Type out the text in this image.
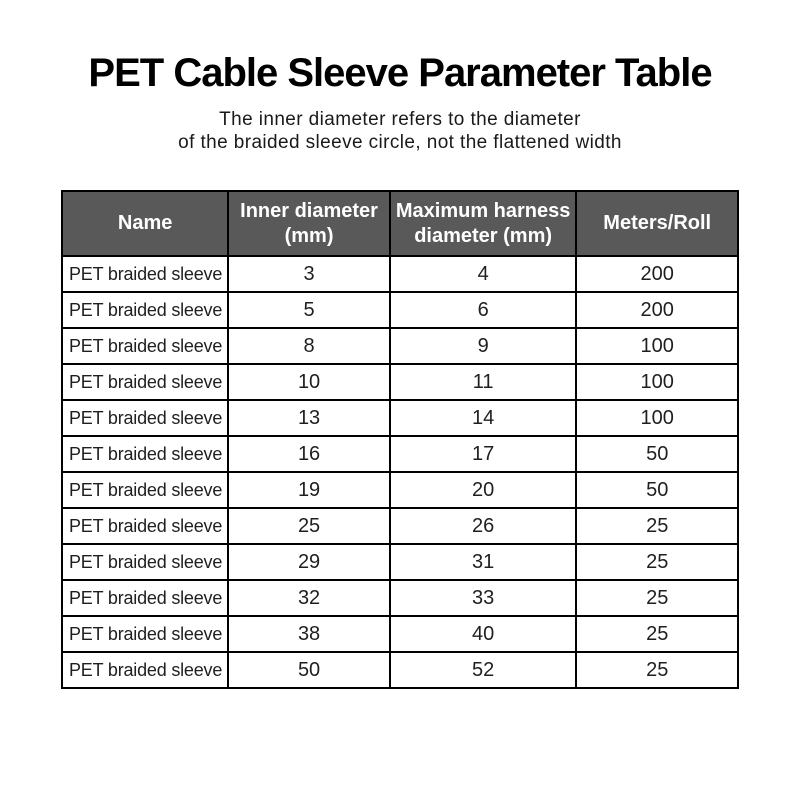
PET Cable Sleeve Parameter Table
The inner diameter refers to the diameter
of the braided sleeve circle, not the flattened width
Name	Inner diameter (mm)	Maximum harness diameter (mm)	Meters/Roll
PET braided sleeve	3	4	200
PET braided sleeve	5	6	200
PET braided sleeve	8	9	100
PET braided sleeve	10	11	100
PET braided sleeve	13	14	100
PET braided sleeve	16	17	50
PET braided sleeve	19	20	50
PET braided sleeve	25	26	25
PET braided sleeve	29	31	25
PET braided sleeve	32	33	25
PET braided sleeve	38	40	25
PET braided sleeve	50	52	25
